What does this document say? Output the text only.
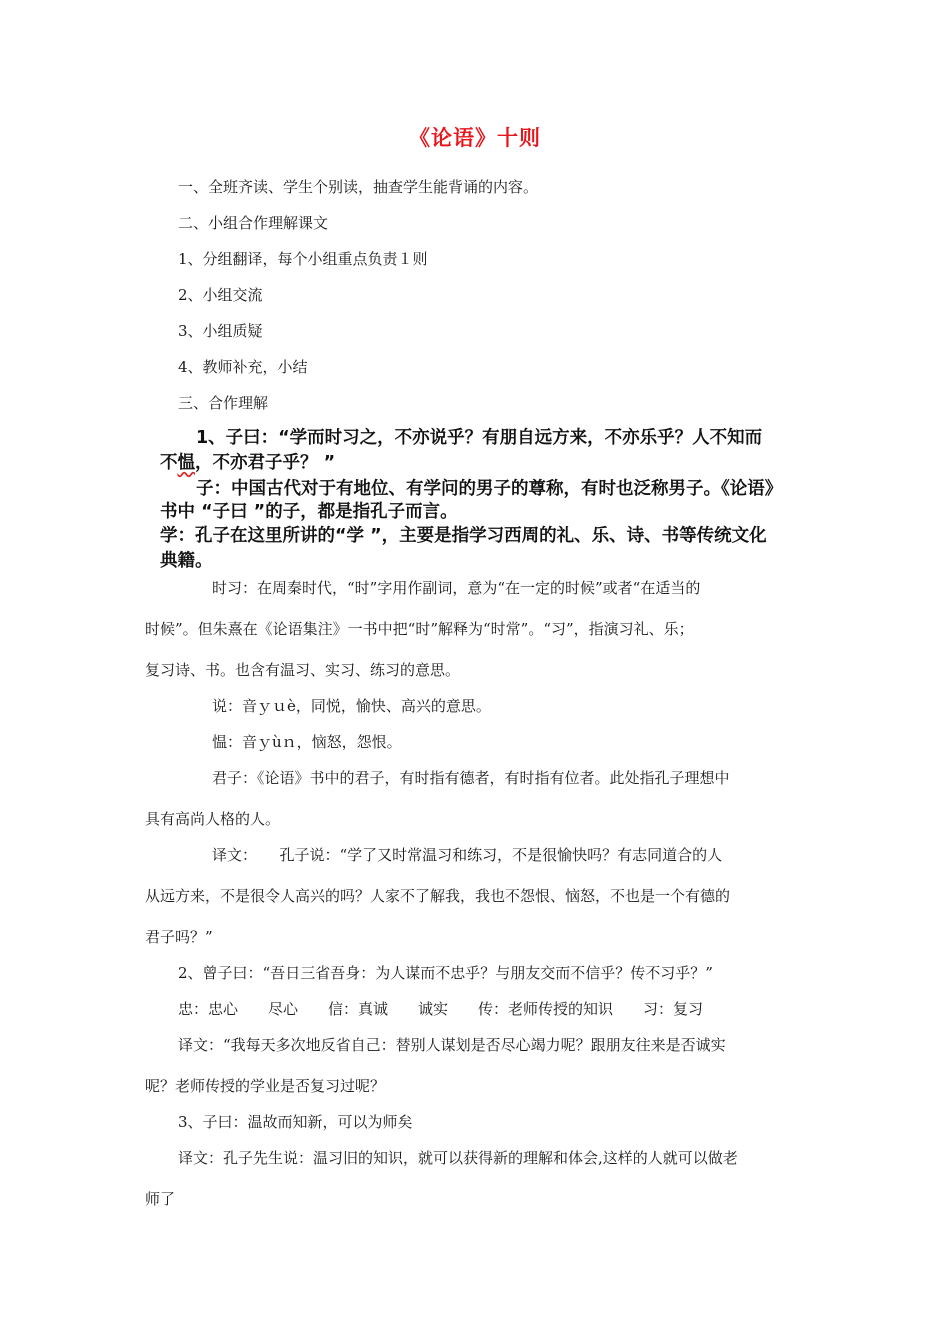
《论语》十则
一、全班齐读、学生个别读，抽查学生能背诵的内容。
二、小组合作理解课文
1、分组翻译，每个小组重点负责１则
2、小组交流
3、小组质疑
4、教师补充，小结
三、合作理解
1、子曰：“学而时习之，不亦说乎？有朋自远方来，不亦乐乎？人不知而
不愠，不亦君子乎？ ”
子：中国古代对于有地位、有学问的男子的尊称，有时也泛称男子。《论语》
书中 “子曰 ”的子，都是指孔子而言。
学：孔子在这里所讲的“学 ”，主要是指学习西周的礼、乐、诗、书等传统文化
典籍。
时习：在周秦时代，“时”字用作副词，意为“在一定的时候”或者“在适当的
时候”。但朱熹在《论语集注》一书中把“时”解释为“时常”。“习”，指演习礼、乐；
复习诗、书。也含有温习、实习、练习的意思。
说：音ｙｕè，同悦，愉快、高兴的意思。
愠：音ｙùｎ，恼怒，怨恨。
君子：《论语》书中的君子，有时指有德者，有时指有位者。此处指孔子理想中
具有高尚人格的人。
译文：　　孔子说：“学了又时常温习和练习，不是很愉快吗？有志同道合的人
从远方来，不是很令人高兴的吗？人家不了解我，我也不怨恨、恼怒，不也是一个有德的
君子吗？”
2、曾子曰：“吾日三省吾身：为人谋而不忠乎？与朋友交而不信乎？传不习乎？”
忠：忠心　　尽心　　信：真诚　　诚实　　传：老师传授的知识　　习：复习
译文：“我每天多次地反省自己：替别人谋划是否尽心竭力呢？跟朋友往来是否诚实
呢？老师传授的学业是否复习过呢？
3、子曰：温故而知新，可以为师矣
译文：孔子先生说：温习旧的知识，就可以获得新的理解和体会,这样的人就可以做老
师了
